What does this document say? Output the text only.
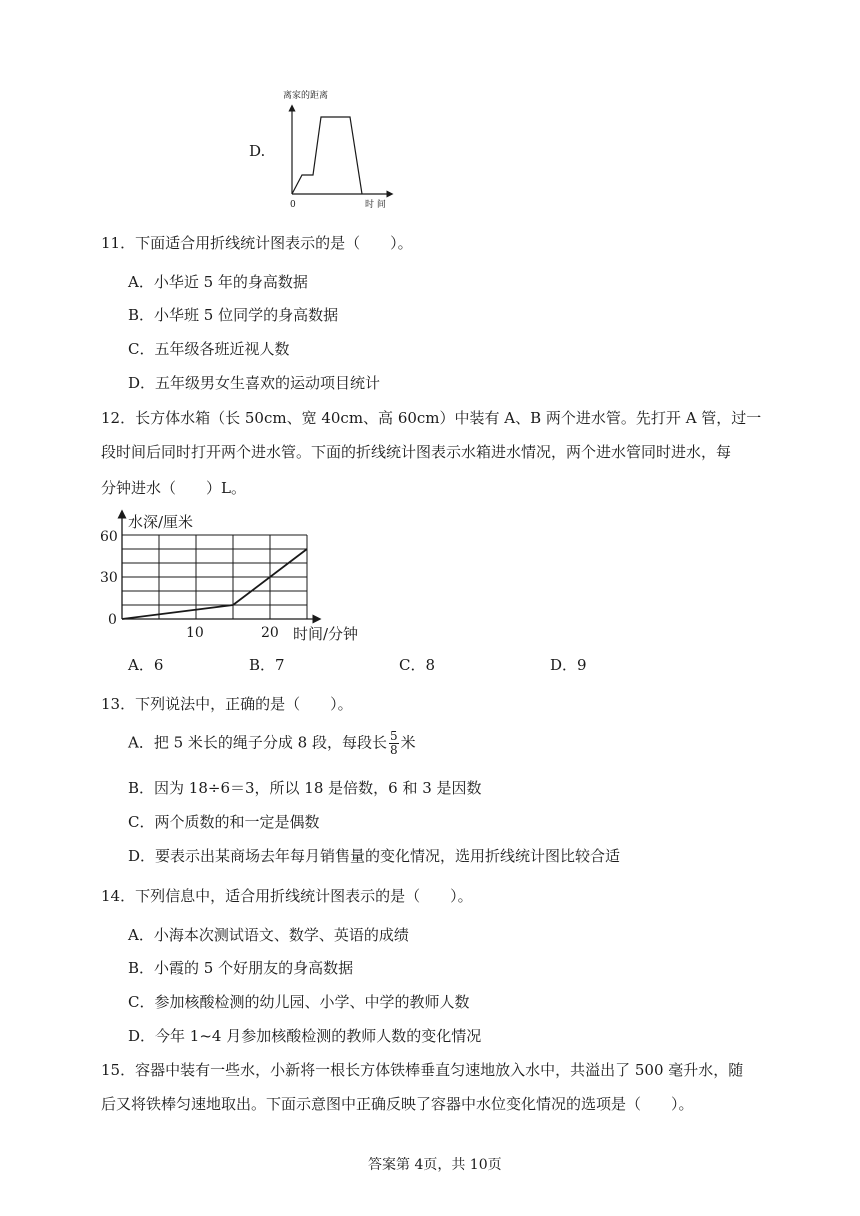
D.
离家的距离
0	时 间
11．下面适合用折线统计图表示的是（　　）。
A．小华近 5 年的身高数据
B．小华班 5 位同学的身高数据
C．五年级各班近视人数
D．五年级男女生喜欢的运动项目统计
12．长方体水箱（长 50cm、宽 40cm、高 60cm）中装有 A、B 两个进水管。先打开 A 管，过一
段时间后同时打开两个进水管。下面的折线统计图表示水箱进水情况，两个进水管同时进水，每
分钟进水（　　）L。
水深/厘米
时间/分钟
0
30
60
10	20
A．6	B．7	C．8	D．9
13．下列说法中，正确的是（　　）。
A．把 5 米长的绳子分成 8 段，每段长 $\frac{5}{8}$ 米
B．因为 18÷6＝3，所以 18 是倍数，6 和 3 是因数
C．两个质数的和一定是偶数
D．要表示出某商场去年每月销售量的变化情况，选用折线统计图比较合适
14．下列信息中，适合用折线统计图表示的是（　　）。
A．小海本次测试语文、数学、英语的成绩
B．小霞的 5 个好朋友的身高数据
C．参加核酸检测的幼儿园、小学、中学的教师人数
D．今年 1~4 月参加核酸检测的教师人数的变化情况
15．容器中装有一些水，小新将一根长方体铁棒垂直匀速地放入水中，共溢出了 500 毫升水，随
后又将铁棒匀速地取出。下面示意图中正确反映了容器中水位变化情况的选项是（　　）。
答案第 4页，共 10页
